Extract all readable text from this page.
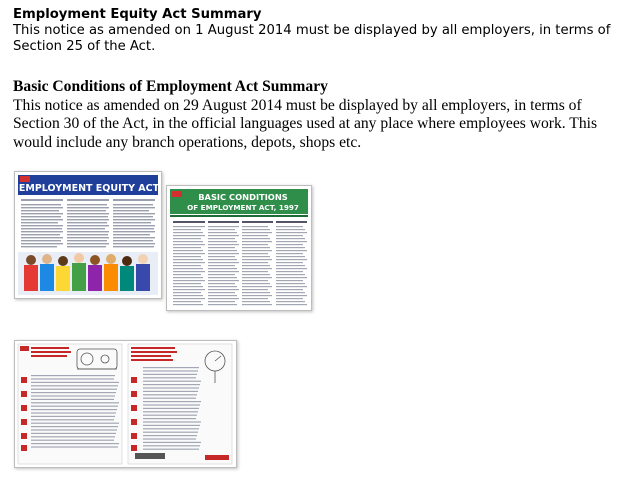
Employment Equity Act Summary
This notice as amended on 1 August 2014 must be displayed by all employers, in terms of Section 25 of the Act.
Basic Conditions of Employment Act Summary
This notice as amended on 29 August 2014 must be displayed by all employers, in terms of Section 30 of the Act, in the official languages used at any place where employees work. This would include any branch operations, depots, shops etc.
EMPLOYMENT EQUITY ACT
BASIC CONDITIONS
OF EMPLOYMENT ACT, 1997
